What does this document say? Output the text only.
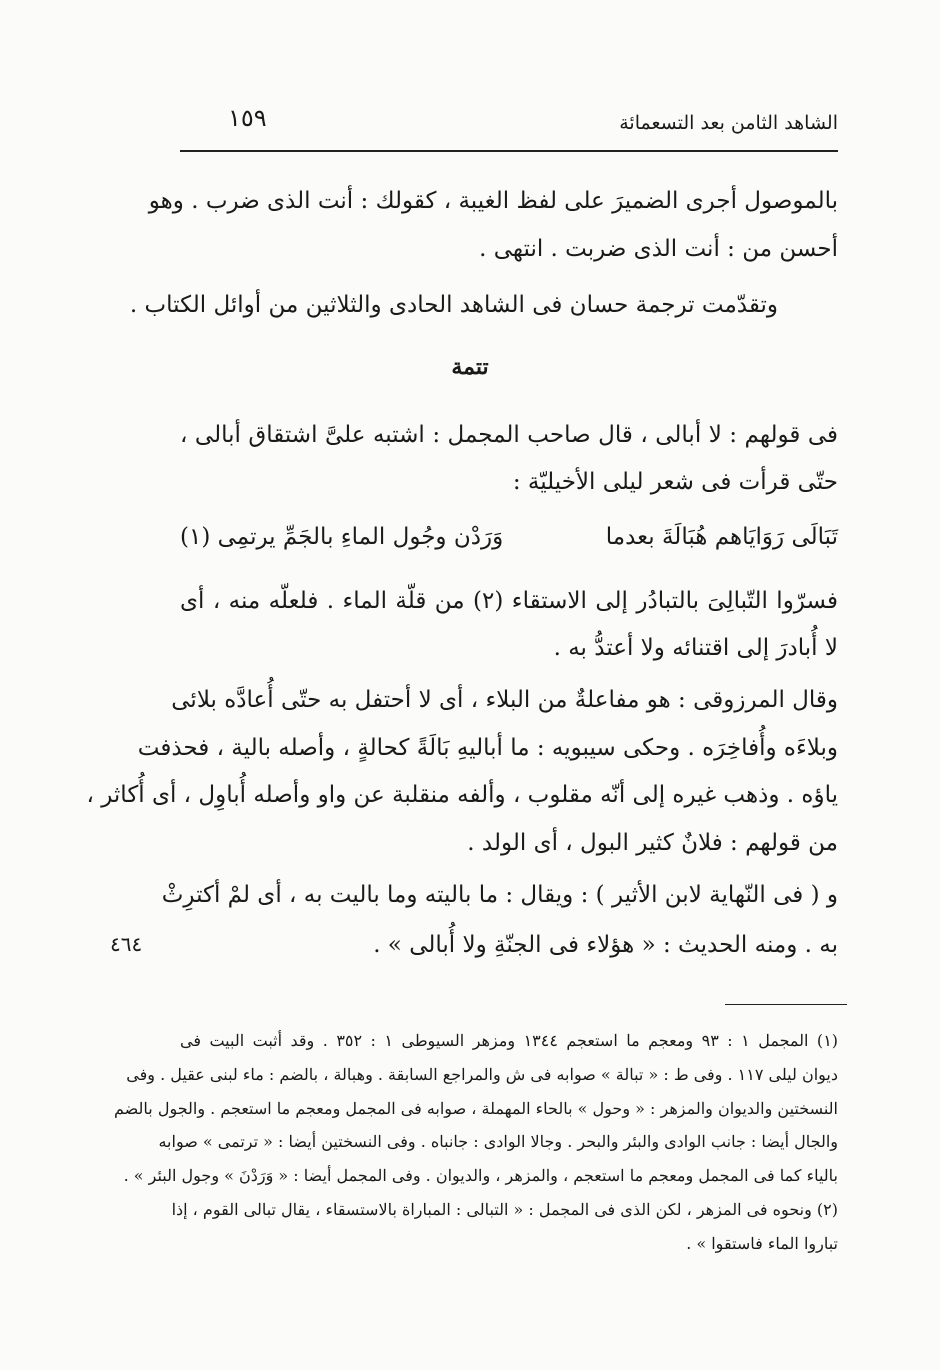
الشاهد الثامن بعد التسعمائة
١٥٩
بالموصول أجرى الضميرَ على لفظ الغيبة ، كقولك : أنت الذى ضرب . وهو
أحسن من : أنت الذى ضربت . انتهى .
وتقدّمت ترجمة حسان فى الشاهد الحادى والثلاثين من أوائل الكتاب .
تتمة
فى قولهم : لا أبالى ، قال صاحب المجمل : اشتبه علىَّ اشتقاق أبالى ،
حتّى قرأت فى شعر ليلى الأخيليّة :
تَبَالَى رَوَايَاهم هُبَالَةَ بعدما
وَرَدْن وجُول الماءِ بالجَمِّ يرتمِى (١)
فسرّوا التّبالِىَ بالتبادُر إلى الاستقاء (٢) من قلّة الماء . فلعلّه منه ، أى
لا أُبادرَ إلى اقتنائه ولا أعتدُّ به .
وقال المرزوقى : هو مفاعلةٌ من البلاء ، أى لا أحتفل به حتّى أُعادَّه بلائى
وبلاءَه وأُفاخِرَه . وحكى سيبويه : ما أباليهِ بَالَةً كحالةٍ ، وأصله بالية ، فحذفت
ياؤه . وذهب غيره إلى أنّه مقلوب ، وألفه منقلبة عن واو وأصله أُباوِل ، أى أُكاثر ،
من قولهم : فلانٌ كثير البول ، أى الولد .
و ( فى النّهاية لابن الأثير ) : ويقال : ما باليته وما باليت به ، أى لمْ أكترِثْ
به . ومنه الحديث : « هؤلاء فى الجنّةِ ولا أُبالى » .
٤٦٤
(١) المجمل ١ : ٩٣ ومعجم ما استعجم ١٣٤٤ ومزهر السيوطى ١ : ٣٥٢ . وقد أثبت البيت فى
ديوان ليلى ١١٧ . وفى ط : « تبالة » صوابه فى ش والمراجع السابقة . وهبالة ، بالضم : ماء لبنى عقيل . وفى
النسختين والديوان والمزهر : « وحول » بالحاء المهملة ، صوابه فى المجمل ومعجم ما استعجم . والجول بالضم
والجال أيضا : جانب الوادى والبئر والبحر . وجالا الوادى : جانباه . وفى النسختين أيضا : « ترتمى » صوابه
بالياء كما فى المجمل ومعجم ما استعجم ، والمزهر ، والديوان . وفى المجمل أيضا : « وَرَدْنَ » وجول البئر » .
(٢) ونحوه فى المزهر ، لكن الذى فى المجمل : « التبالى : المباراة بالاستسقاء ، يقال تبالى القوم ، إذا
تباروا الماء فاستقوا » .
